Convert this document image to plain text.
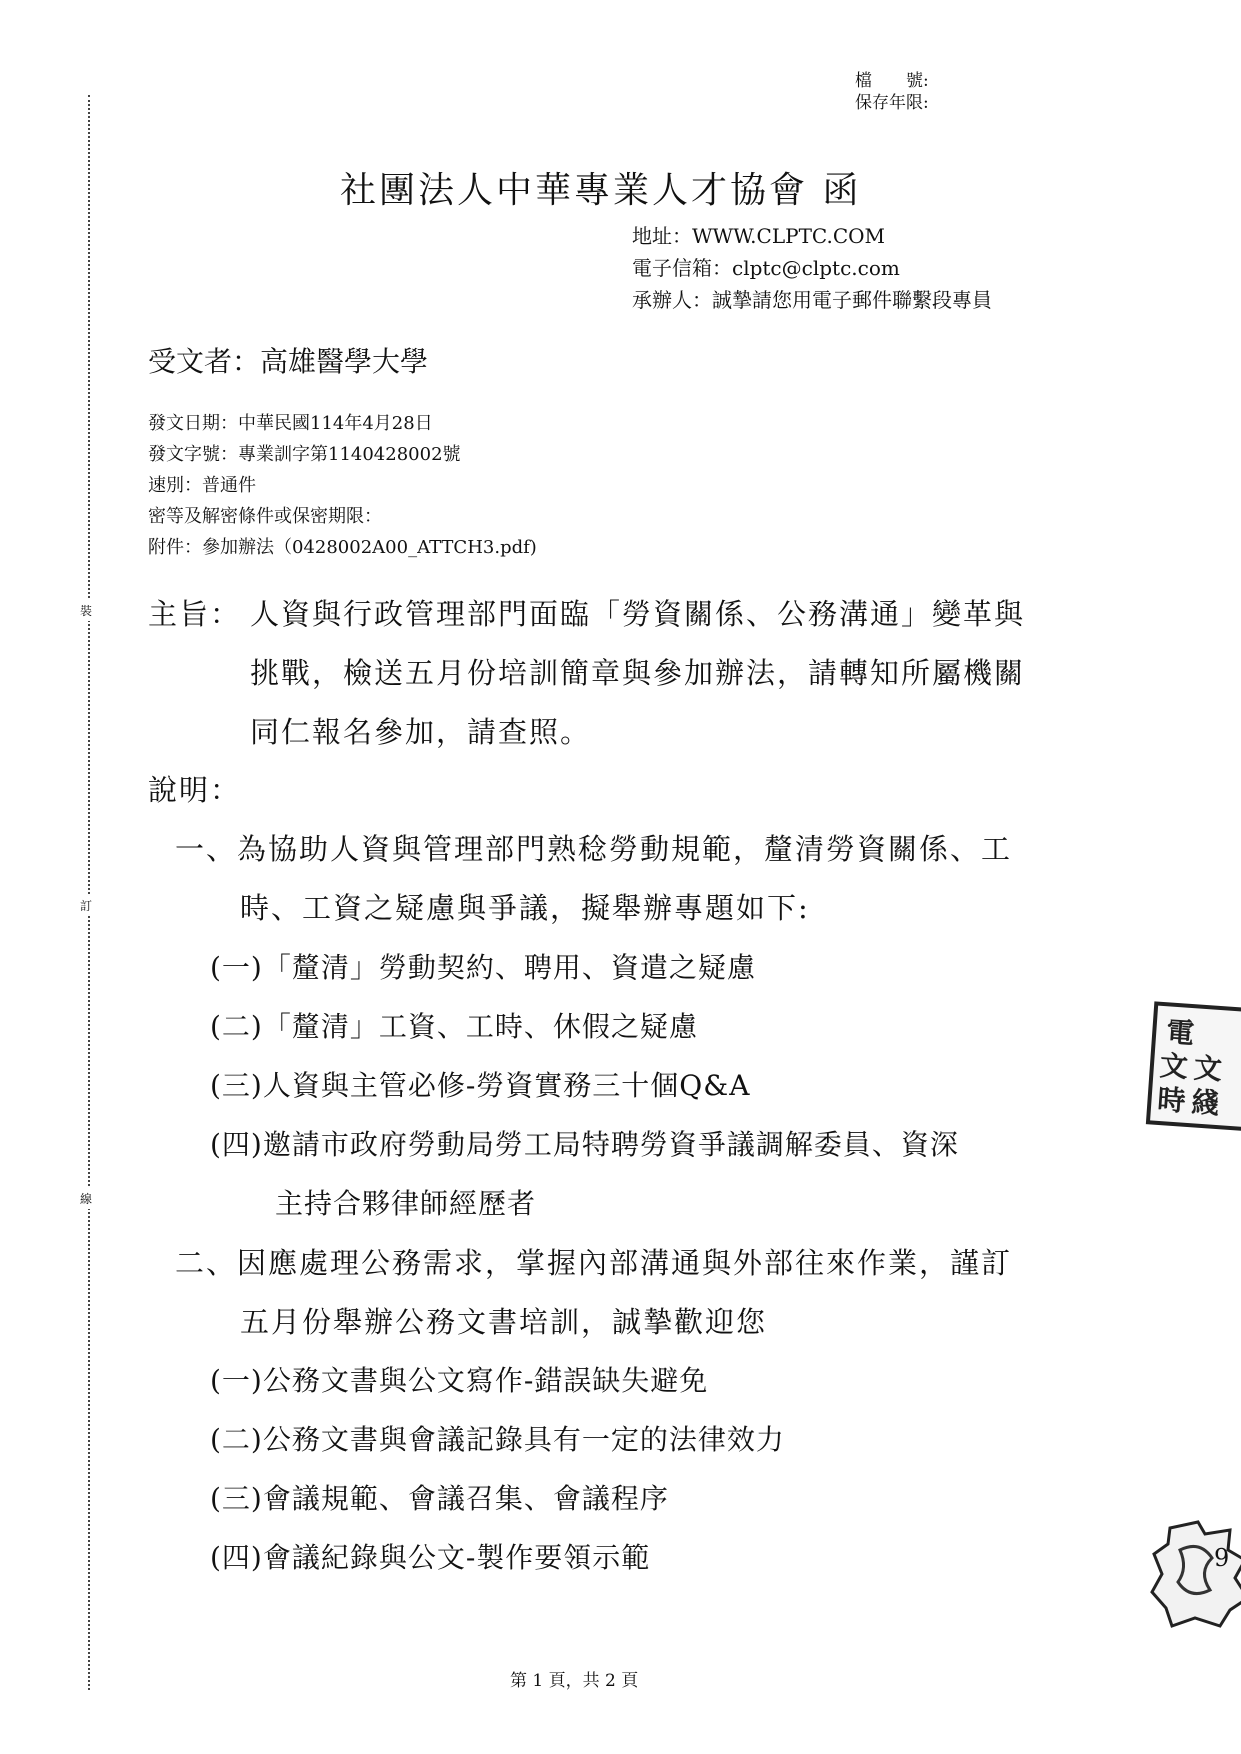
裝
訂
線
檔　　號:
保存年限:
社團法人中華專業人才協會 函
地址：WWW.CLPTC.COM
電子信箱：clptc@clptc.com
承辦人：誠摯請您用電子郵件聯繫段專員
受文者：高雄醫學大學
發文日期：中華民國114年4月28日
發文字號：專業訓字第1140428002號
速別：普通件
密等及解密條件或保密期限：
附件：參加辦法（0428002A00_ATTCH3.pdf)
主旨： 人資與行政管理部門面臨「勞資關係、公務溝通」變革與
挑戰，檢送五月份培訓簡章與參加辦法，請轉知所屬機關
同仁報名參加，請查照。
說明：
一、為協助人資與管理部門熟稔勞動規範，釐清勞資關係、工
時、工資之疑慮與爭議，擬舉辦專題如下:
(一)「釐清」勞動契約、聘用、資遣之疑慮
(二)「釐清」工資、工時、休假之疑慮
(三)人資與主管必修-勞資實務三十個Q&A
(四)邀請市政府勞動局勞工局特聘勞資爭議調解委員、資深
主持合夥律師經歷者
二、因應處理公務需求，掌握內部溝通與外部往來作業，謹訂
五月份舉辦公務文書培訓，誠摯歡迎您
(一)公務文書與公文寫作-錯誤缺失避免
(二)公務文書與會議記錄具有一定的法律效力
(三)會議規範、會議召集、會議程序
(四)會議紀錄與公文-製作要領示範
電
文 文
時 綫
9
第 1 頁，共 2 頁
